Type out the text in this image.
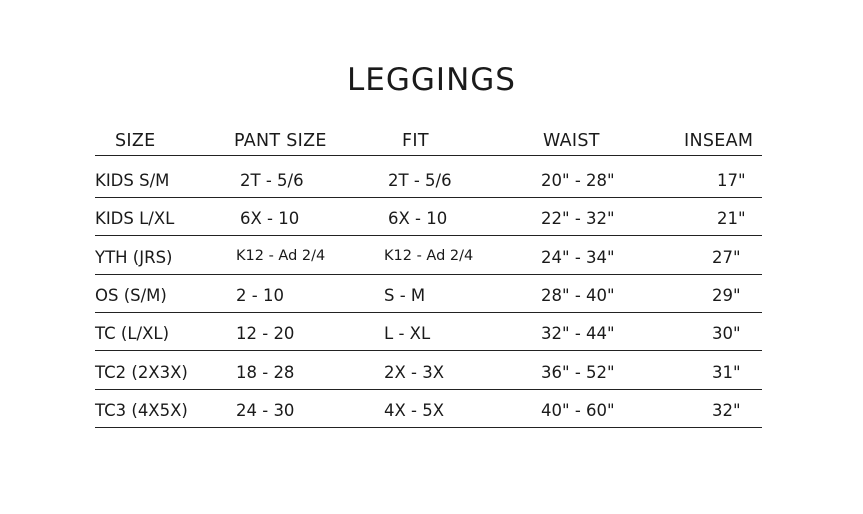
LEGGINGS
SIZE	PANT SIZE	FIT	WAIST	INSEAM
KIDS S/M	2T - 5/6	2T - 5/6	20" - 28"	17"
KIDS L/XL	6X - 10	6X - 10	22" - 32"	21"
YTH (JRS)	K12 - Ad 2/4	K12 - Ad 2/4	24" - 34"	27"
OS (S/M)	2 - 10	S - M	28" - 40"	29"
TC (L/XL)	12 - 20	L - XL	32" - 44"	30"
TC2 (2X3X)	18 - 28	2X - 3X	36" - 52"	31"
TC3 (4X5X)	24 - 30	4X - 5X	40" - 60"	32"
